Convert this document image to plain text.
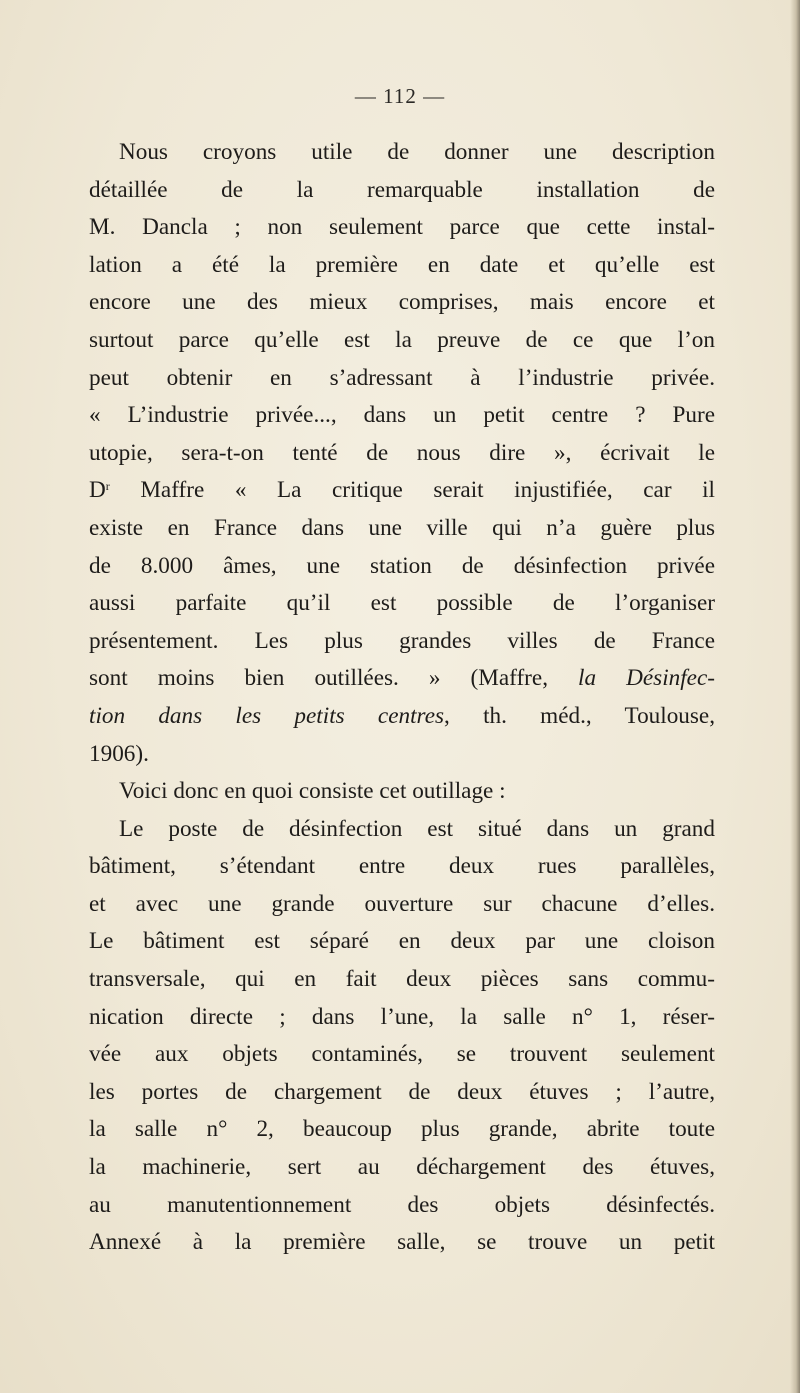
— 112 —
Nous croyons utile de donner une description
détaillée de la remarquable installation de
M. Dancla ; non seulement parce que cette instal-
lation a été la première en date et qu’elle est
encore une des mieux comprises, mais encore et
surtout parce qu’elle est la preuve de ce que l’on
peut obtenir en s’adressant à l’industrie privée.
« L’industrie privée..., dans un petit centre ? Pure
utopie, sera-t-on tenté de nous dire », écrivait le
$D^r$ Maffre « La critique serait injustifiée, car il
existe en France dans une ville qui n’a guère plus
de 8.000 âmes, une station de désinfection privée
aussi parfaite qu’il est possible de l’organiser
présentement. Les plus grandes villes de France
sont moins bien outillées. » (Maffre, la Désinfec-
tion dans les petits centres, th. méd., Toulouse,
1906).
Voici donc en quoi consiste cet outillage :
Le poste de désinfection est situé dans un grand
bâtiment, s’étendant entre deux rues parallèles,
et avec une grande ouverture sur chacune d’elles.
Le bâtiment est séparé en deux par une cloison
transversale, qui en fait deux pièces sans commu-
nication directe ; dans l’une, la salle n° 1, réser-
vée aux objets contaminés, se trouvent seulement
les portes de chargement de deux étuves ; l’autre,
la salle n° 2, beaucoup plus grande, abrite toute
la machinerie, sert au déchargement des étuves,
au manutentionnement des objets désinfectés.
Annexé à la première salle, se trouve un petit
